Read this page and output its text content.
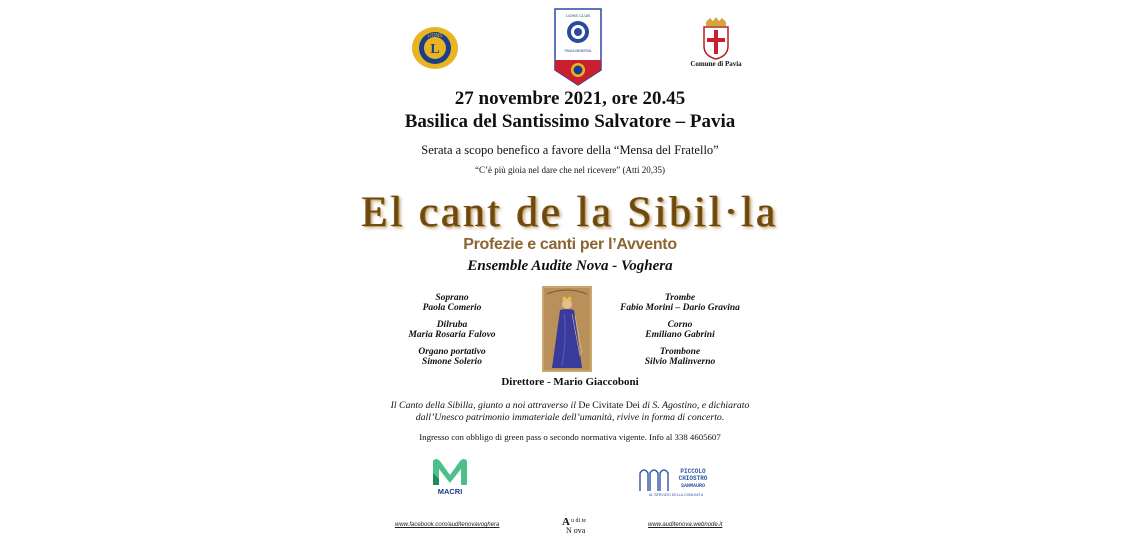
L
LIONS
LIONS CLUB
PAVIA MINERVA
Comune di Pavia
27 novembre 2021, ore 20.45
Basilica del Santissimo Salvatore – Pavia
Serata a scopo benefico a favore della “Mensa del Fratello”
“C’è più gioia nel dare che nel ricevere” (Atti 20,35)
El cant de la Sibil·la
Profezie e canti per l’Avvento
Ensemble Audite Nova - Voghera
Soprano
Paola Comerio
Dilruba
Maria Rosaria Falovo
Organo portativo
Simone Solerio
Trombe
Fabio Morini – Dario Gravina
Corno
Emiliano Gabrini
Trombone
Silvio Malinverno
Direttore - Mario Giaccoboni
Il Canto della Sibilla, giunto a noi attraverso il De Civitate Dei di S. Agostino, e dichiarato dall’Unesco patrimonio immateriale dell’umanità, rivive in forma di concerto.
Ingresso con obbligo di green pass o secondo normativa vigente. Info al 338 4605607
MACRI
PICCOLO
CHIOSTRO
SANMAURO
AL SERVIZIO DELLA COMUNITÀ
www.facebook.com/auditenovavoghera	A u di te
N ova
www.auditenova.webnode.it
